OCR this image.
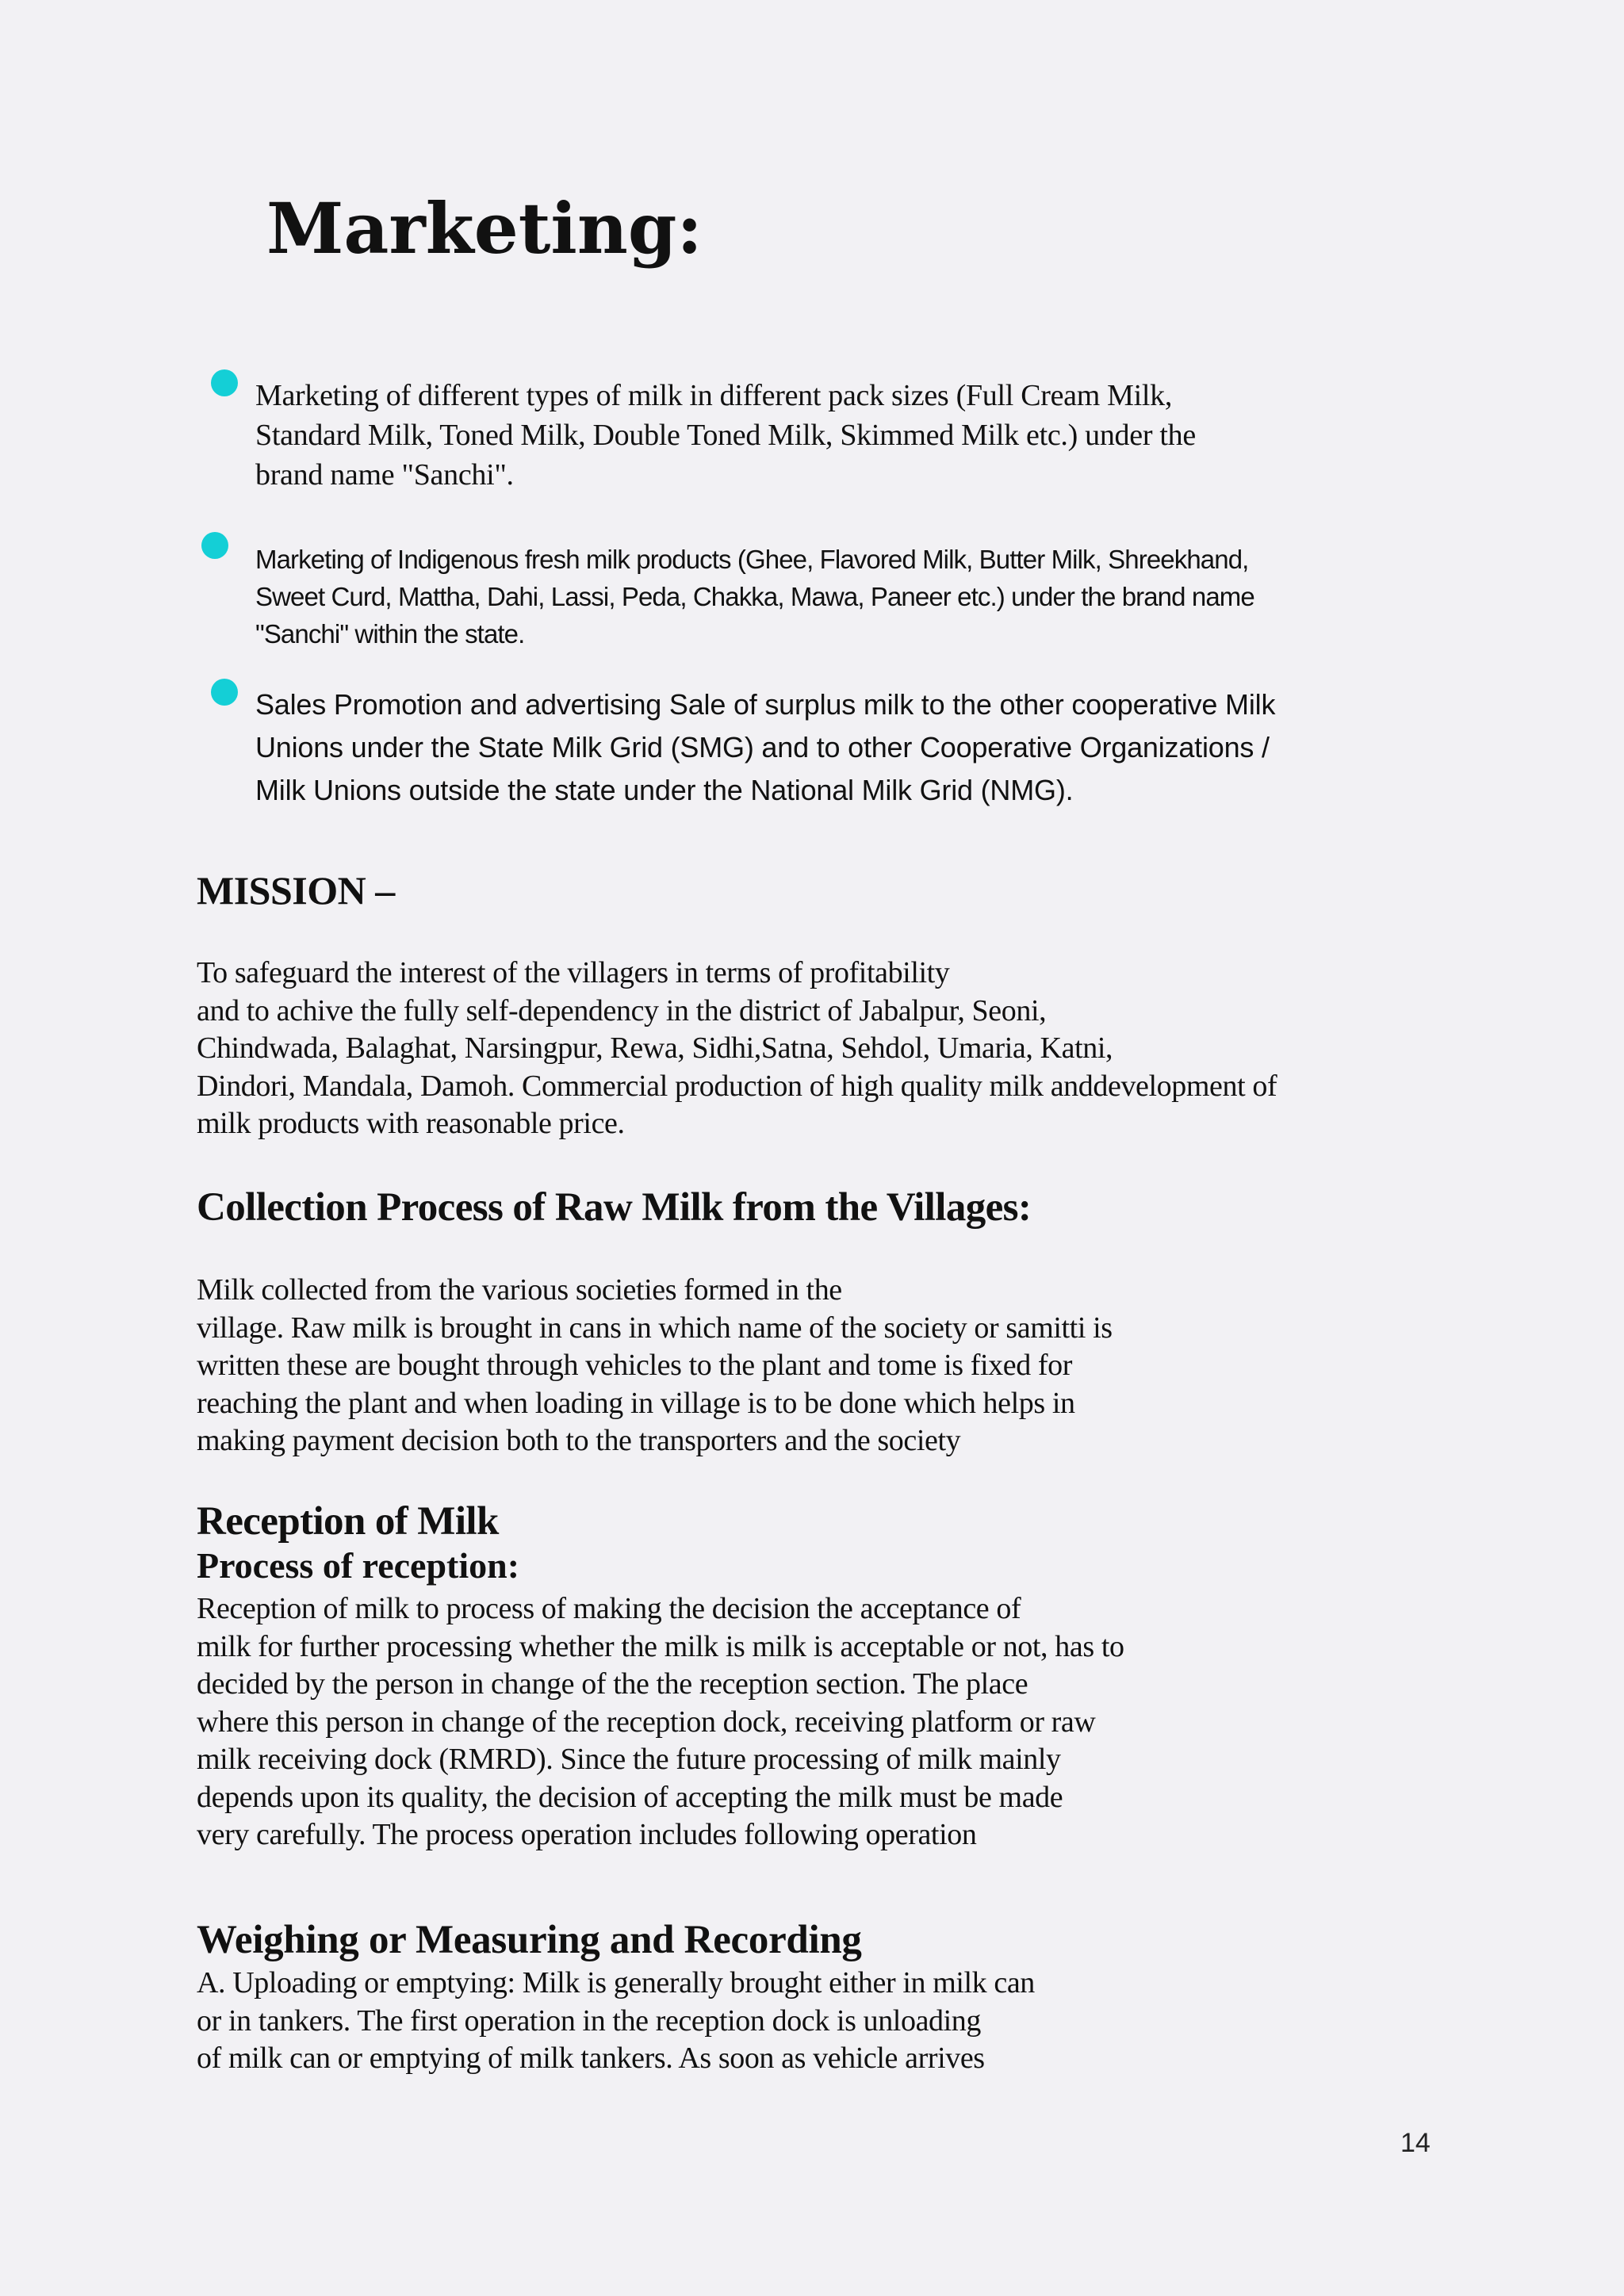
Marketing:

Marketing of different types of milk in different pack sizes (Full Cream Milk,
Standard Milk, Toned Milk, Double Toned Milk, Skimmed Milk etc.) under the
brand name "Sanchi".

Marketing of Indigenous fresh milk products (Ghee, Flavored Milk, Butter Milk, Shreekhand,
Sweet Curd, Mattha, Dahi, Lassi, Peda, Chakka, Mawa, Paneer etc.) under the brand name
"Sanchi" within the state.

Sales Promotion and advertising Sale of surplus milk to the other cooperative Milk
Unions under the State Milk Grid (SMG) and to other Cooperative Organizations /
Milk Unions outside the state under the National Milk Grid (NMG).

MISSION –

To safeguard the interest of the villagers in terms of profitability
and to achive the fully self-dependency in the district of Jabalpur, Seoni,
Chindwada, Balaghat, Narsingpur, Rewa, Sidhi,Satna, Sehdol, Umaria, Katni,
Dindori, Mandala, Damoh. Commercial production of high quality milk anddevelopment of
milk products with reasonable price.

Collection Process of Raw Milk from the Villages:

Milk collected from the various societies formed in the
village. Raw milk is brought in cans in which name of the society or samitti is
written these are bought through vehicles to the plant and tome is fixed for
reaching the plant and when loading in village is to be done which helps in
making payment decision both to the transporters and the society

Reception of Milk
Process of reception:

Reception of milk to process of making the decision the acceptance of
milk for further processing whether the milk is milk is acceptable or not, has to
decided by the person in change of the the reception section. The place
where this person in change of the reception dock, receiving platform or raw
milk receiving dock (RMRD). Since the future processing of milk mainly
depends upon its quality, the decision of accepting the milk must be made
very carefully. The process operation includes following operation

Weighing or Measuring and Recording

A. Uploading or emptying: Milk is generally brought either in milk can
or in tankers. The first operation in the reception dock is unloading
of milk can or emptying of milk tankers. As soon as vehicle arrives

14
